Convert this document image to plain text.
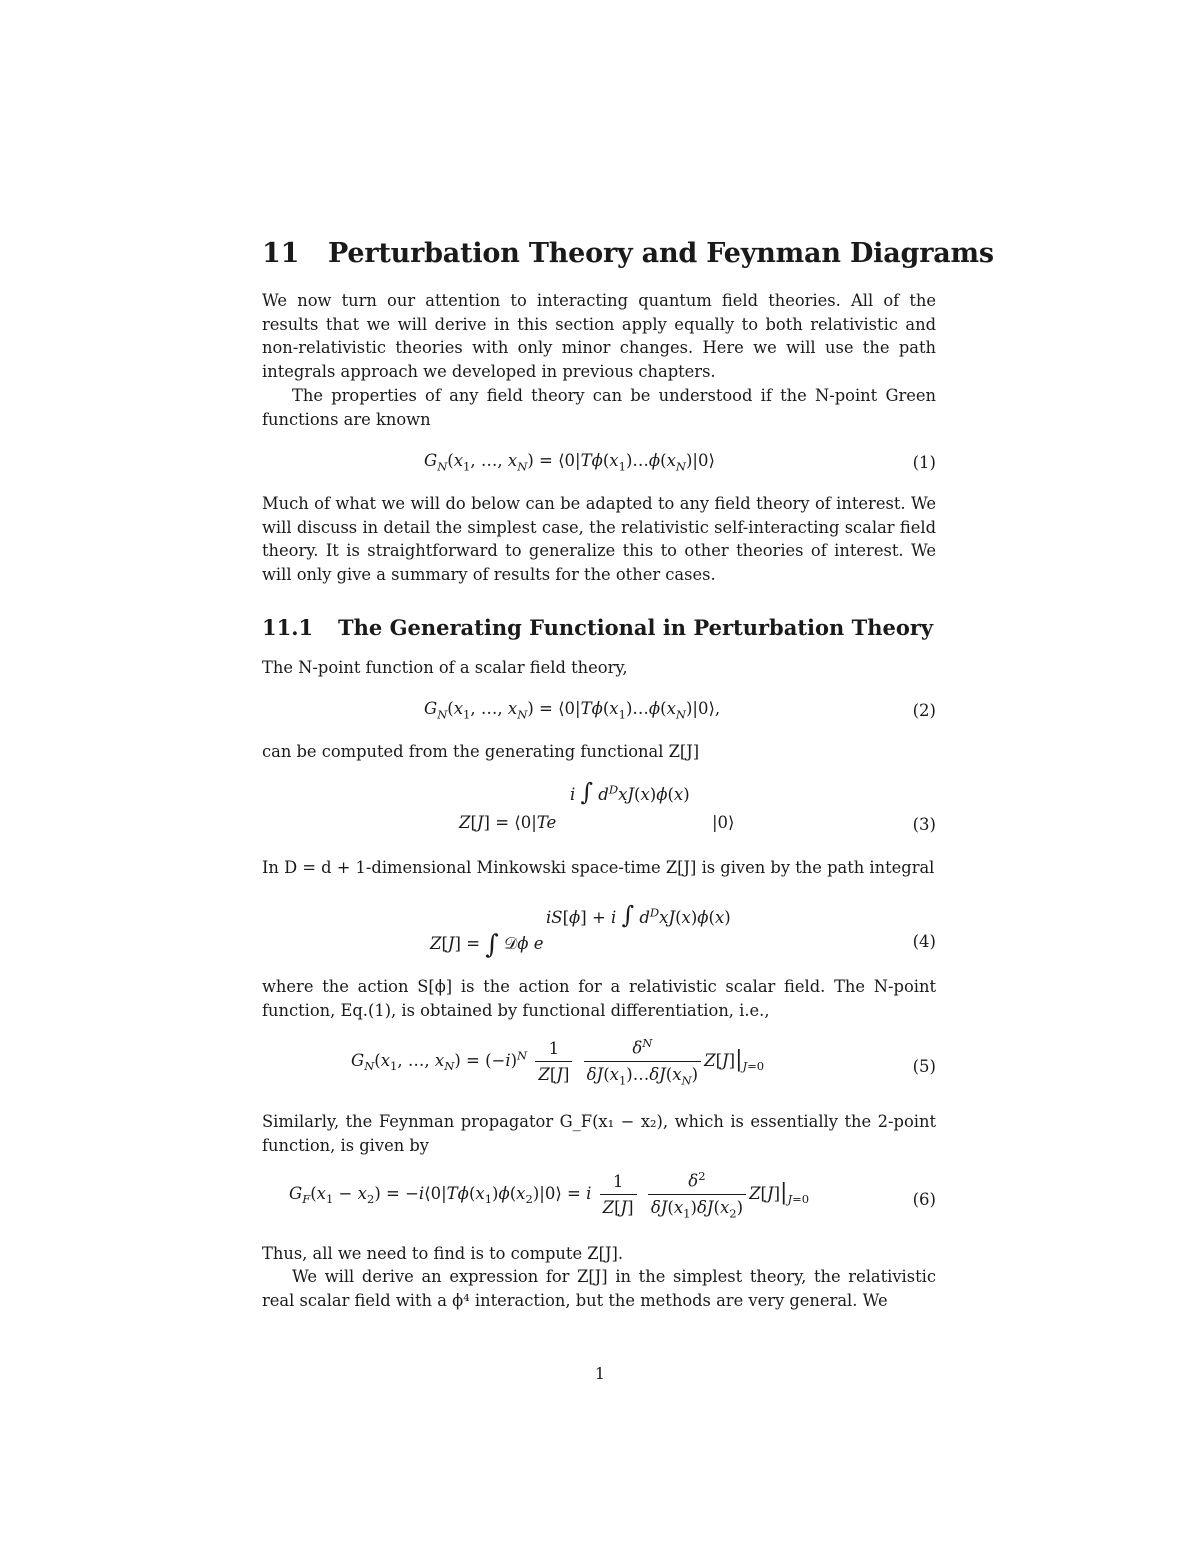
11 Perturbation Theory and Feynman Diagrams

We now turn our attention to interacting quantum field theories. All of the results that we will derive in this section apply equally to both relativistic and non-relativistic theories with only minor changes. Here we will use the path integrals approach we developed in previous chapters.

The properties of any field theory can be understood if the N-point Green functions are known

$G_N(x_1$, …, $x_N$) = $⟨0|T\phi(x_1)\dots\phi(x_N)|0⟩$	(1)

Much of what we will do below can be adapted to any field theory of interest. We will discuss in detail the simplest case, the relativistic self-interacting scalar field theory. It is straightforward to generalize this to other theories of interest. We will only give a summary of results for the other cases.

11.1 The Generating Functional in Perturbation Theory

The N-point function of a scalar field theory,

$G_N(x_1$, …, $x_N$) = $⟨0|T\phi(x_1)\dots\phi(x_N)|0⟩$,	(2)

can be computed from the generating functional Z[J]

Z[J] = ⟨0|Te
i ∫ $d^DxJ(x)\phi(x)$
|0⟩	(3)

In D = d + 1-dimensional Minkowski space-time Z[J] is given by the path integral

Z[J] = ∫ 𝒟ϕ e
iS[ϕ] + i ∫ $d^DxJ(x)\phi(x)$
(4)

where the action S[ϕ] is the action for a relativistic scalar field. The N-point function, Eq.(1), is obtained by functional differentiation, i.e.,

$G_N(x_1$, …, $x_N) = (-i)^N \frac{1}{Z[J]}$
$\frac{\delta^N}{\delta J(x_1)\dots\delta J(x_N)} Z[J]|_{J=0}$	(5)

Similarly, the Feynman propagator G_F(x₁ − x₂), which is essentially the 2-point function, is given by

$G_F(x_1 - x_2)$ = $-i⟨0|T\phi(x_1)\phi(x_2)|0⟩ = i \frac{1}{Z[J]}$
$\frac{\delta^2}{\delta J(x_1)\delta J(x_2)} Z[J]|_{J=0}$	(6)

Thus, all we need to find is to compute Z[J].

We will derive an expression for Z[J] in the simplest theory, the relativistic real scalar field with a ϕ⁴ interaction, but the methods are very general. We

1
